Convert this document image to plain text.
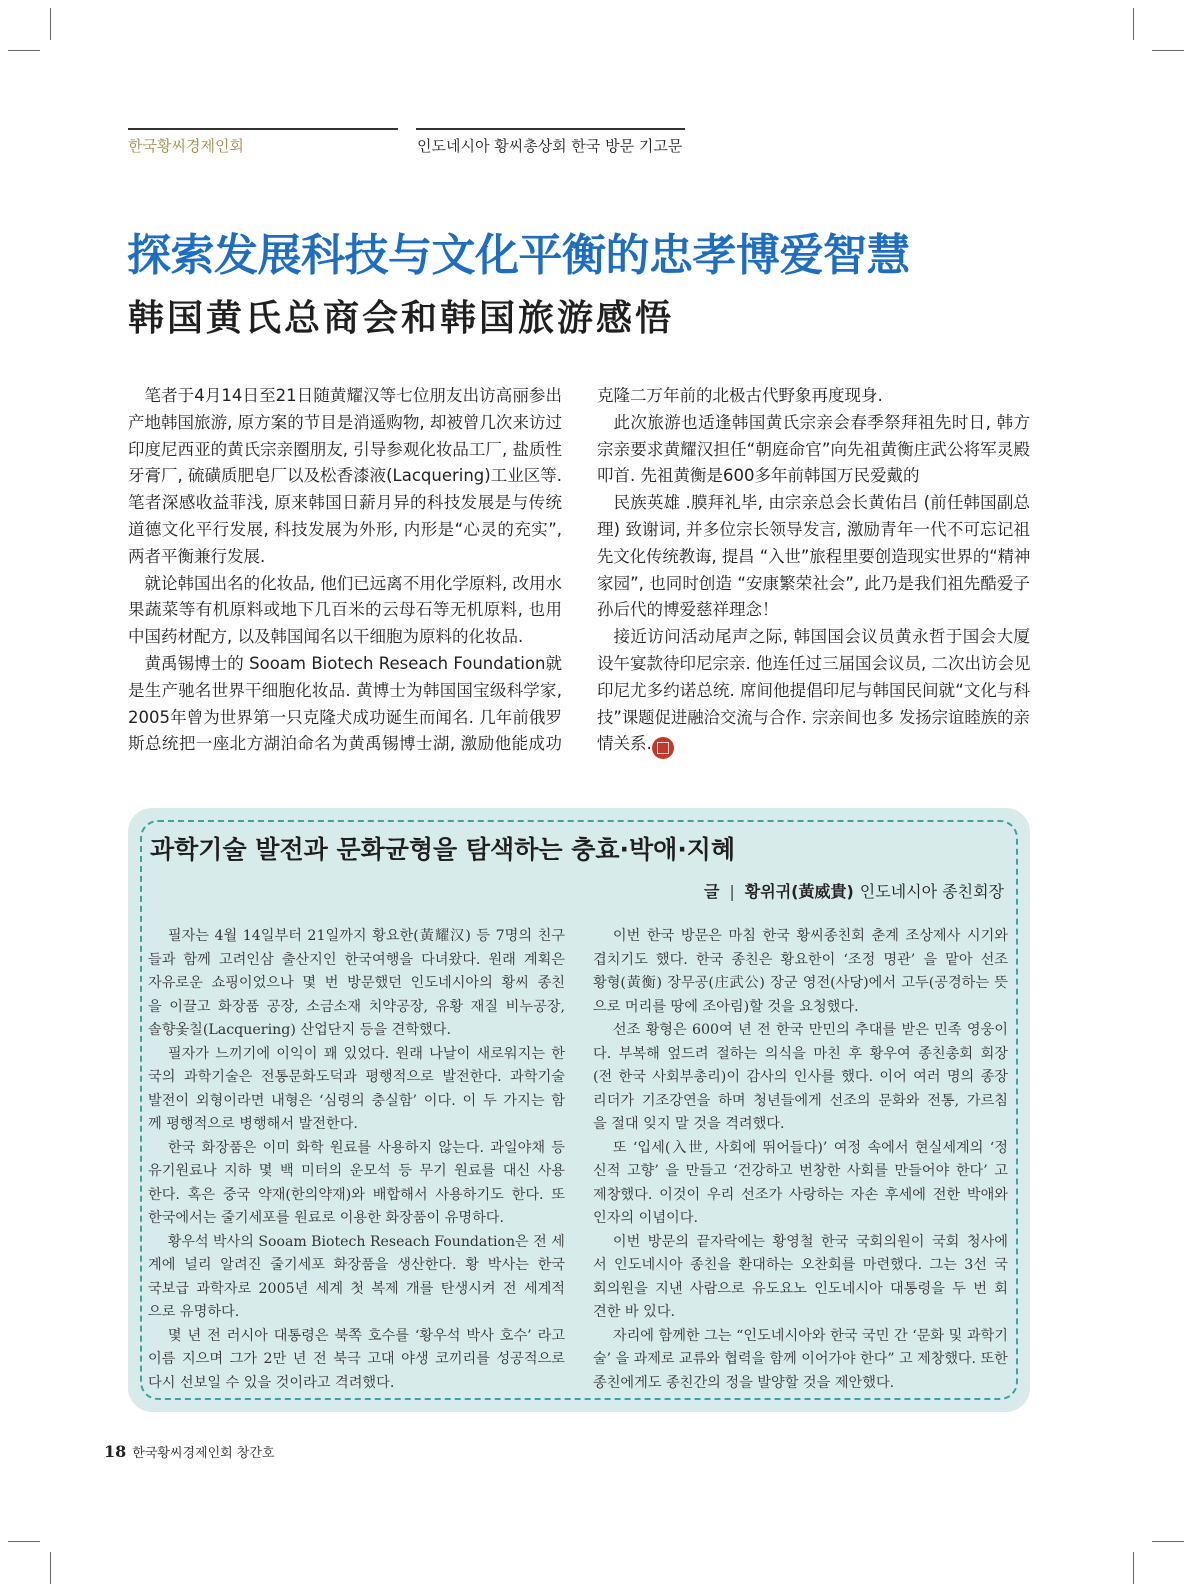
한국황씨경제인회	인도네시아 황씨총상회 한국 방문 기고문
探索发展科技与文化平衡的忠孝博爱智慧
韩国黄氏总商会和韩国旅游感悟
笔者于4月14日至21日随黄耀汉等七位朋友出访高丽参出
产地韩国旅游, 原方案的节目是消遥购物, 却被曾几次来访过
印度尼西亚的黄氏宗亲圈朋友, 引导参观化妆品工厂, 盐质性
牙膏厂, 硫磺质肥皂厂以及松香漆液(Lacquering)工业区等.
笔者深感收益菲浅, 原来韩国日薪月异的科技发展是与传统
道德文化平行发展, 科技发展为外形, 内形是“心灵的充实”,
两者平衡兼行发展.
就论韩国出名的化妆品, 他们已远离不用化学原料, 改用水
果蔬菜等有机原料或地下几百米的云母石等无机原料, 也用
中国药材配方, 以及韩国闻名以干细胞为原料的化妆品.
黄禹锡博士的 Sooam Biotech Reseach Foundation就
是生产驰名世界干细胞化妆品. 黄博士为韩国国宝级科学家,
2005年曾为世界第一只克隆犬成功诞生而闻名. 几年前俄罗
斯总统把一座北方湖泊命名为黄禹锡博士湖, 激励他能成功
克隆二万年前的北极古代野象再度现身.
此次旅游也适逢韩国黄氏宗亲会春季祭拜祖先时日, 韩方
宗亲要求黄耀汉担任“朝庭命官”向先祖黄衡庄武公将军灵殿
叩首. 先祖黄衡是600多年前韩国万民爱戴的
民族英雄 .膜拜礼毕, 由宗亲总会长黄佑吕 (前任韩国副总
理) 致谢词, 并多位宗长领导发言, 激励青年一代不可忘记祖
先文化传统教诲, 提昌 “入世”旅程里要创造现实世界的“精神
家园”, 也同时创造 “安康繁荣社会”, 此乃是我们祖先酷爱子
孙后代的博爱慈祥理念！
接近访问活动尾声之际, 韩国国会议员黄永哲于国会大厦
设午宴款待印尼宗亲. 他连任过三届国会议员, 二次出访会见
印尼尤多约诺总统. 席间他提倡印尼与韩国民间就“文化与科
技”课题促进融洽交流与合作. 宗亲间也多 发扬宗谊睦族的亲
情关系.
과학기술 발전과 문화균형을 탐색하는 충효·박애·지혜
글 | 황위귀(黃威貴) 인도네시아 종친회장
필자는 4월 14일부터 21일까지 황요한(黃耀汉) 등 7명의 친구
들과 함께 고려인삼 출산지인 한국여행을 다녀왔다. 원래 계획은
자유로운 쇼핑이었으나 몇 번 방문했던 인도네시아의 황씨 종친
을 이끌고 화장품 공장, 소금소재 치약공장, 유황 재질 비누공장,
솔향옻칠(Lacquering) 산업단지 등을 견학했다.
필자가 느끼기에 이익이 꽤 있었다. 원래 나날이 새로워지는 한
국의 과학기술은 전통문화도덕과 평행적으로 발전한다. 과학기술
발전이 외형이라면 내형은 ‘심령의 충실함’ 이다. 이 두 가지는 함
께 평행적으로 병행해서 발전한다.
한국 화장품은 이미 화학 원료를 사용하지 않는다. 과일야채 등
유기원료나 지하 몇 백 미터의 운모석 등 무기 원료를 대신 사용
한다. 혹은 중국 약재(한의약재)와 배합해서 사용하기도 한다. 또
한국에서는 줄기세포를 원료로 이용한 화장품이 유명하다.
황우석 박사의 Sooam Biotech Reseach Foundation은 전 세
계에 널리 알려진 줄기세포 화장품을 생산한다. 황 박사는 한국
국보급 과학자로 2005년 세계 첫 복제 개를 탄생시켜 전 세계적
으로 유명하다.
몇 년 전 러시아 대통령은 북쪽 호수를 ‘황우석 박사 호수’ 라고
이름 지으며 그가 2만 년 전 북극 고대 야생 코끼리를 성공적으로
다시 선보일 수 있을 것이라고 격려했다.
이번 한국 방문은 마침 한국 황씨종친회 춘계 조상제사 시기와
겹치기도 했다. 한국 종친은 황요한이 ‘조정 명관’ 을 맡아 선조
황형(黃衡) 장무공(庄武公) 장군 영전(사당)에서 고두(공경하는 뜻
으로 머리를 땅에 조아림)할 것을 요청했다.
선조 황형은 600여 년 전 한국 만민의 추대를 받은 민족 영웅이
다. 부복해 엎드려 절하는 의식을 마친 후 황우여 종친총회 회장
(전 한국 사회부총리)이 감사의 인사를 했다. 이어 여러 명의 종장
리더가 기조강연을 하며 청년들에게 선조의 문화와 전통, 가르침
을 절대 잊지 말 것을 격려했다.
또 ‘입세(入世, 사회에 뛰어들다)’ 여정 속에서 현실세계의 ‘정
신적 고향’ 을 만들고 ‘건강하고 번창한 사회를 만들어야 한다’ 고
제창했다. 이것이 우리 선조가 사랑하는 자손 후세에 전한 박애와
인자의 이념이다.
이번 방문의 끝자락에는 황영철 한국 국회의원이 국회 청사에
서 인도네시아 종친을 환대하는 오찬회를 마련했다. 그는 3선 국
회의원을 지낸 사람으로 유도요노 인도네시아 대통령을 두 번 회
견한 바 있다.
자리에 함께한 그는 “인도네시아와 한국 국민 간 ‘문화 및 과학기
술’ 을 과제로 교류와 협력을 함께 이어가야 한다” 고 제창했다. 또한
종친에게도 종친간의 정을 발양할 것을 제안했다.
18 한국황씨경제인회 창간호
